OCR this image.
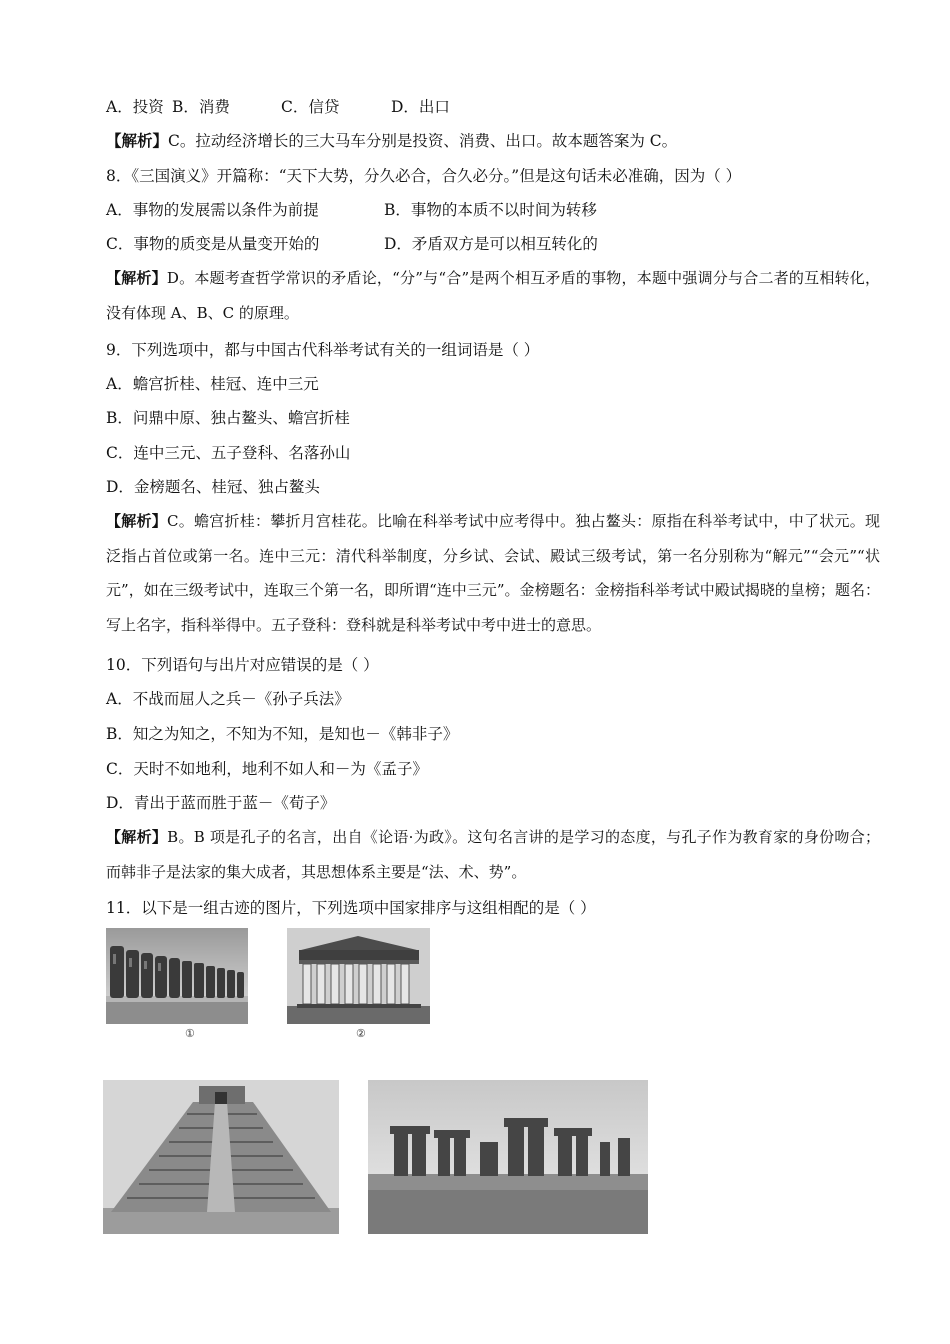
A．投资 B．消费	C．信贷	D．出口
【解析】C。拉动经济增长的三大马车分别是投资、消费、出口。故本题答案为 C。
8．《三国演义》开篇称：“天下大势，分久必合，合久必分。”但是这句话未必准确，因为（ ）
A．事物的发展需以条件为前提	B．事物的本质不以时间为转移
C．事物的质变是从量变开始的	D．矛盾双方是可以相互转化的
【解析】D。本题考查哲学常识的矛盾论，“分”与“合”是两个相互矛盾的事物，本题中强调分与合二者的互相转化，没有体现 A、B、C 的原理。
9．下列选项中，都与中国古代科举考试有关的一组词语是（ ）
A．蟾宫折桂、桂冠、连中三元
B．问鼎中原、独占鳌头、蟾宫折桂
C．连中三元、五子登科、名落孙山
D．金榜题名、桂冠、独占鳌头
【解析】C。蟾宫折桂：攀折月宫桂花。比喻在科举考试中应考得中。独占鳌头：原指在科举考试中，中了状元。现泛指占首位或第一名。连中三元：清代科举制度，分乡试、会试、殿试三级考试，第一名分别称为“解元”“会元”“状元”，如在三级考试中，连取三个第一名，即所谓“连中三元”。金榜题名：金榜指科举考试中殿试揭晓的皇榜；题名：写上名字，指科举得中。五子登科：登科就是科举考试中考中进士的意思。
10．下列语句与出片对应错误的是（ ）
A．不战而屈人之兵－《孙子兵法》
B．知之为知之，不知为不知，是知也－《韩非子》
C．天时不如地利，地利不如人和－为《孟子》
D．青出于蓝而胜于蓝－《荀子》
【解析】B。B 项是孔子的名言，出自《论语·为政》。这句名言讲的是学习的态度，与孔子作为教育家的身份吻合；而韩非子是法家的集大成者，其思想体系主要是“法、术、势”。
11．以下是一组古迹的图片，下列选项中国家排序与这组相配的是（ ）
①	②
